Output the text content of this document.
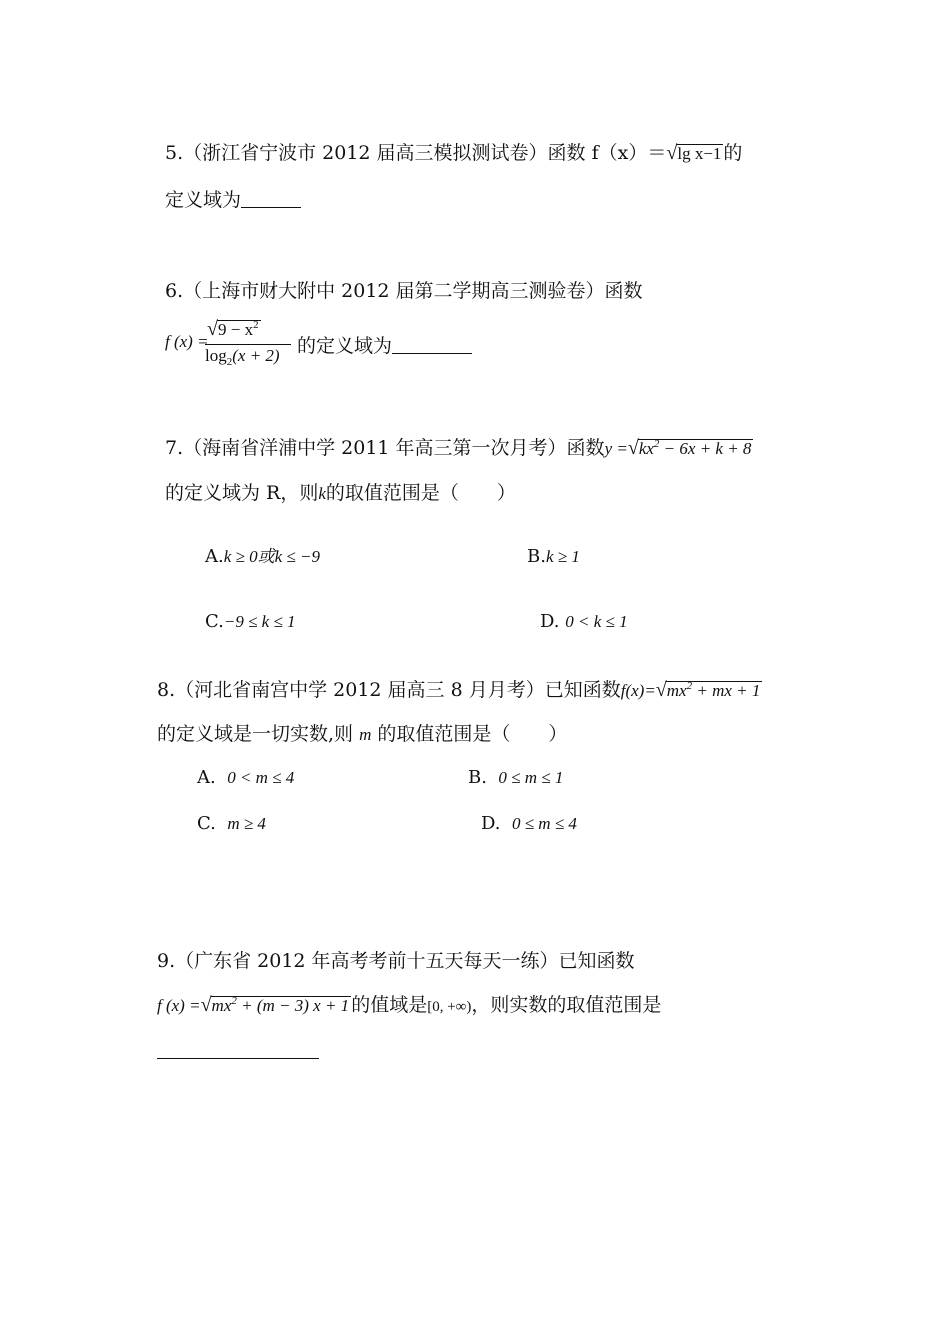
5.（浙江省宁波市 2012 届高三模拟测试卷）函数 f（x）＝√lg x−1 的
定义域为
6.（上海市财大附中 2012 届第二学期高三测验卷）函数
f (x) =
$√9 - x^2$
$\log_2(x + 2)$ 的定义域为
7.（海南省洋浦中学 2011 年高三第一次月考）函数$y =√kx^2 - 6x + k + 8$
的定义域为 R，则k的取值范围是（　　）
A.k ≥ 0或k ≤ −9	B.k ≥ 1
C.−9 ≤ k ≤ 1	D. 0 < k ≤ 1
8.（河北省南宫中学 2012 届高三 8 月月考）已知函数$f(x)=√mx^2$ + mx + 1
的定义域是一切实数,则 m 的取值范围是（　　）
A. 0 < m ≤ 4	B. 0 ≤ m ≤ 1
C. m ≥ 4	D. 0 ≤ m ≤ 4
9.（广东省 2012 年高考考前十五天每天一练）已知函数
f $(x) =√mx^2 + (m - 3) x + 1$ 的值域是[0, +∞)，则实数的取值范围是
